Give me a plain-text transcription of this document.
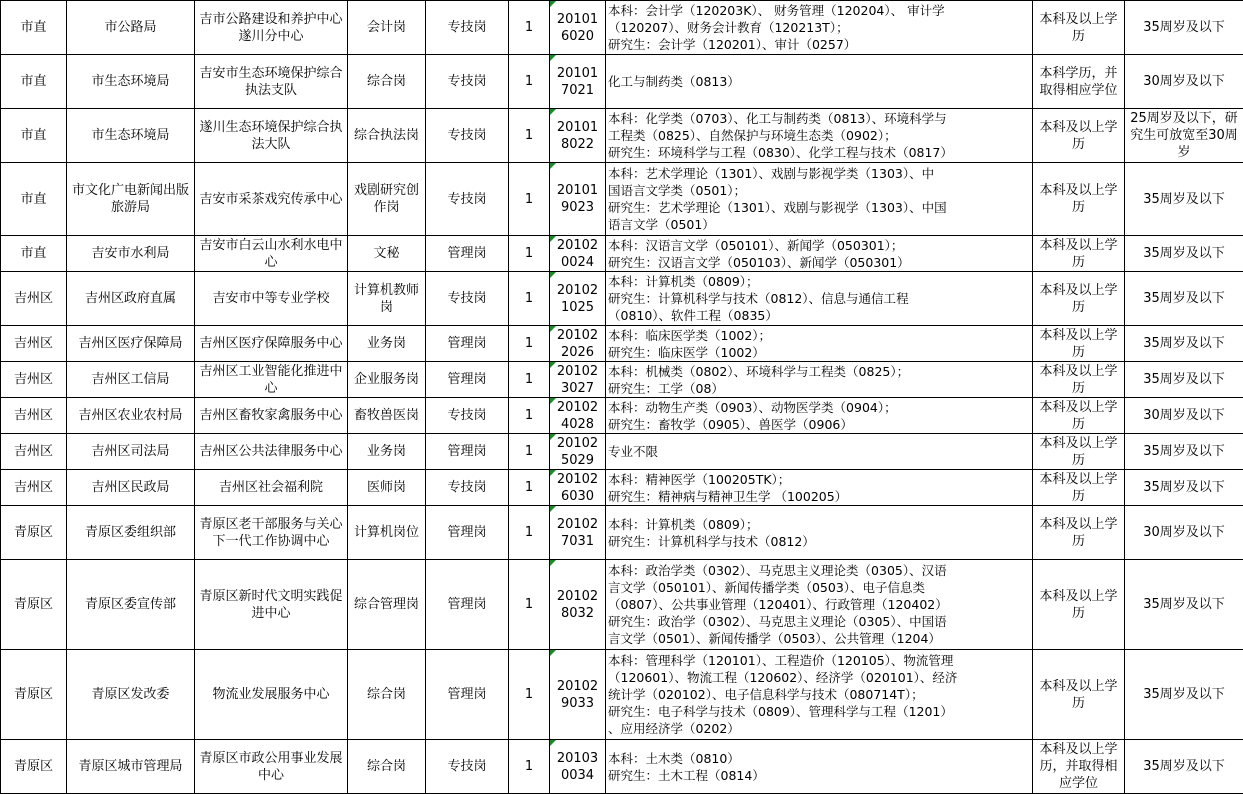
市直	市公路局	吉市公路建设和养护中心遂川分中心	会计岗	专技岗	1	201016020	本科：会计学（120203K）、 财务管理（120204）、 审计学
（120207）、财务会计教育（120213T）；
研究生：会计学（120201）、审计（0257）	本科及以上学历	35周岁及以下
市直	市生态环境局	吉安市生态环境保护综合执法支队	综合岗	专技岗	1	201017021	化工与制药类（0813）	本科学历，并取得相应学位	30周岁及以下
市直	市生态环境局	遂川生态环境保护综合执法大队	综合执法岗	专技岗	1	201018022	本科：化学类（0703）、化工与制药类（0813）、环境科学与
工程类（0825）、自然保护与环境生态类（0902）；
研究生：环境科学与工程（0830）、化学工程与技术（0817）	本科及以上学历	25周岁及以下，研究生可放宽至30周岁
市直	市文化广电新闻出版旅游局	吉安市采茶戏究传承中心	戏剧研究创作岗	专技岗	1	201019023	本科：艺术学理论（1301）、戏剧与影视学类（1303）、中
国语言文学类（0501）；
研究生：艺术学理论（1301）、戏剧与影视学（1303）、中国
语言文学（0501）	本科及以上学历	35周岁及以下
市直	吉安市水利局	吉安市白云山水利水电中心	文秘	管理岗	1	201020024	本科：汉语言文学（050101）、新闻学（050301）；
研究生：汉语言文学（050103）、新闻学（050301）	本科及以上学历	35周岁及以下
吉州区	吉州区政府直属	吉安市中等专业学校	计算机教师岗	专技岗	1	201021025	本科：计算机类（0809）；
研究生：计算机科学与技术（0812）、信息与通信工程
（0810）、软件工程（0835）	本科及以上学历	35周岁及以下
吉州区	吉州区医疗保障局	吉州区医疗保障服务中心	业务岗	管理岗	1	201022026	本科：临床医学类（1002）；
研究生：临床医学（1002）	本科及以上学历	35周岁及以下
吉州区	吉州区工信局	吉州区工业智能化推进中心	企业服务岗	管理岗	1	201023027	本科：机械类（0802）、环境科学与工程类（0825）；
研究生：工学（08）	本科及以上学历	35周岁及以下
吉州区	吉州区农业农村局	吉州区畜牧家禽服务中心	畜牧兽医岗	专技岗	1	201024028	本科：动物生产类（0903）、动物医学类（0904）；
研究生：畜牧学（0905）、兽医学（0906）	本科及以上学历	30周岁及以下
吉州区	吉州区司法局	吉州区公共法律服务中心	业务岗	管理岗	1	201025029	专业不限	本科及以上学历	35周岁及以下
吉州区	吉州区民政局	吉州区社会福利院	医师岗	专技岗	1	201026030	本科：精神医学（100205TK）；
研究生：精神病与精神卫生学 （100205）	本科及以上学历	35周岁及以下
青原区	青原区委组织部	青原区老干部服务与关心下一代工作协调中心	计算机岗位	管理岗	1	201027031	本科：计算机类（0809）；
研究生：计算机科学与技术（0812）	本科及以上学历	30周岁及以下
青原区	青原区委宣传部	青原区新时代文明实践促进中心	综合管理岗	管理岗	1	201028032	本科：政治学类（0302）、马克思主义理论类（0305）、汉语
言文学（050101）、新闻传播学类（0503）、电子信息类
（0807）、公共事业管理（120401）、行政管理（120402）
研究生：政治学（0302）、马克思主义理论（0305）、中国语
言文学（0501）、新闻传播学（0503）、公共管理（1204）	本科及以上学历	35周岁及以下
青原区	青原区发改委	物流业发展服务中心	综合岗	管理岗	1	201029033	本科：管理科学（120101）、工程造价（120105）、物流管理
（120601）、物流工程（120602）、经济学（020101）、经济
统计学（020102）、电子信息科学与技术（080714T）；
研究生：电子科学与技术（0809）、管理科学与工程（1201）
、应用经济学（0202）	本科及以上学历	35周岁及以下
青原区	青原区城市管理局	青原区市政公用事业发展中心	综合岗	专技岗	1	201030034	本科：土木类（0810）
研究生：土木工程（0814）	本科及以上学历，并取得相应学位	35周岁及以下
